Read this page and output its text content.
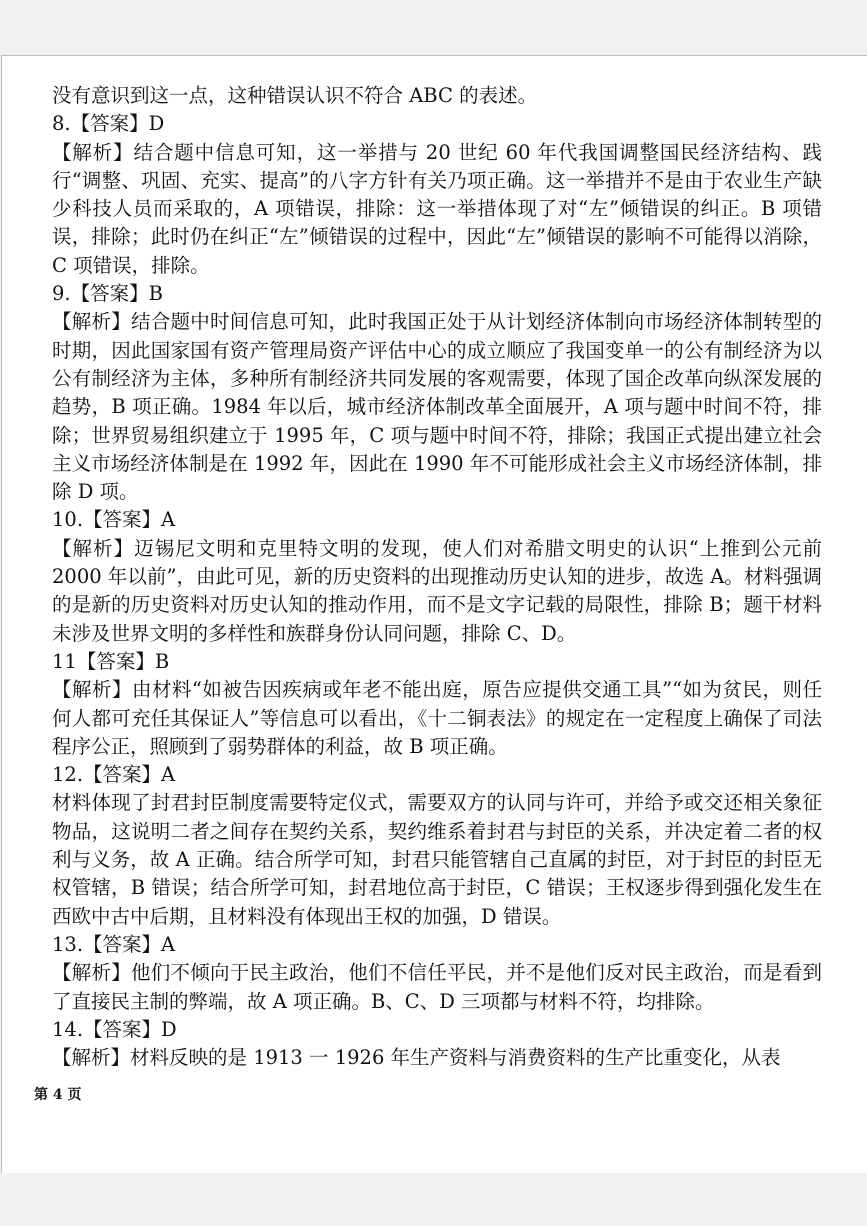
没有意识到这一点，这种错误认识不符合 ABC 的表述。

8.【答案】D

【解析】结合题中信息可知，这一举措与 20 世纪 60 年代我国调整国民经济结构、践行“调整、巩固、充实、提高”的八字方针有关乃项正确。这一举措并不是由于农业生产缺少科技人员而采取的，A 项错误，排除：这一举措体现了对“左”倾错误的纠正。B 项错误，排除；此时仍在纠正“左”倾错误的过程中，因此“左”倾错误的影响不可能得以消除，C 项错误，排除。

9.【答案】B

【解析】结合题中时间信息可知，此时我国正处于从计划经济体制向市场经济体制转型的时期，因此国家国有资产管理局资产评估中心的成立顺应了我国变单一的公有制经济为以公有制经济为主体，多种所有制经济共同发展的客观需要，体现了国企改革向纵深发展的趋势，B 项正确。1984 年以后，城市经济体制改革全面展开，A 项与题中时间不符，排除；世界贸易组织建立于 1995 年，C 项与题中时间不符，排除；我国正式提出建立社会主义市场经济体制是在 1992 年，因此在 1990 年不可能形成社会主义市场经济体制，排除 D 项。

10.【答案】A

【解析】迈锡尼文明和克里特文明的发现，使人们对希腊文明史的认识“上推到公元前 2000 年以前”，由此可见，新的历史资料的出现推动历史认知的进步，故选 A。材料强调的是新的历史资料对历史认知的推动作用，而不是文字记载的局限性，排除 B；题干材料未涉及世界文明的多样性和族群身份认同问题，排除 C、D。

11【答案】B

【解析】由材料“如被告因疾病或年老不能出庭，原告应提供交通工具”“如为贫民，则任何人都可充任其保证人”等信息可以看出，《十二铜表法》的规定在一定程度上确保了司法程序公正，照顾到了弱势群体的利益，故 B 项正确。

12.【答案】A

材料体现了封君封臣制度需要特定仪式，需要双方的认同与许可，并给予或交还相关象征物品，这说明二者之间存在契约关系，契约维系着封君与封臣的关系，并决定着二者的权利与义务，故 A 正确。结合所学可知，封君只能管辖自己直属的封臣，对于封臣的封臣无权管辖，B 错误；结合所学可知，封君地位高于封臣，C 错误；王权逐步得到强化发生在西欧中古中后期，且材料没有体现出王权的加强，D 错误。

13.【答案】A

【解析】他们不倾向于民主政治，他们不信任平民，并不是他们反对民主政治，而是看到了直接民主制的弊端，故 A 项正确。B、C、D 三项都与材料不符，均排除。

14.【答案】D

【解析】材料反映的是 1913 一 1926 年生产资料与消费资料的生产比重变化，从表

第 4 页
